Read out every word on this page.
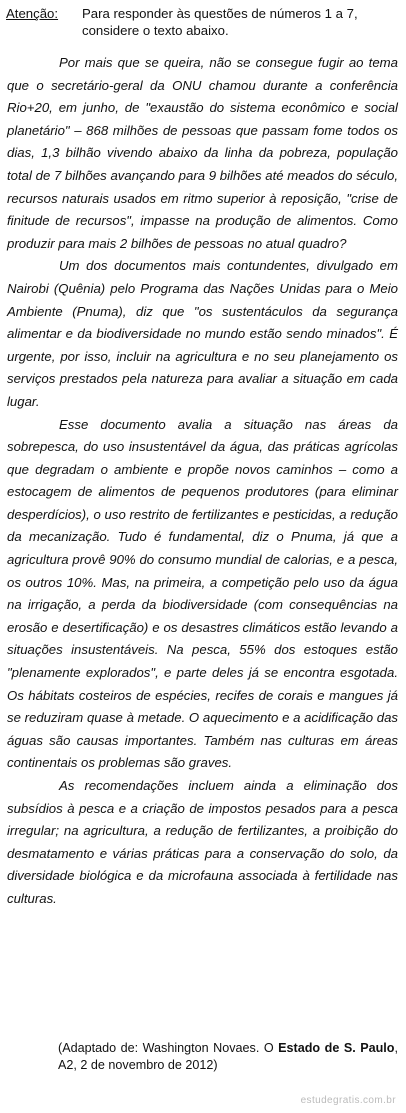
Atenção: Para responder às questões de números 1 a 7, considere o texto abaixo.

Por mais que se queira, não se consegue fugir ao tema que o secretário-geral da ONU chamou durante a conferência Rio+20, em junho, de "exaustão do sistema econômico e social planetário" – 868 milhões de pessoas que passam fome todos os dias, 1,3 bilhão vivendo abaixo da linha da pobreza, população total de 7 bilhões avançando para 9 bilhões até meados do século, recursos naturais usados em ritmo superior à reposição, "crise de finitude de recursos", impasse na produção de alimentos. Como produzir para mais 2 bilhões de pessoas no atual quadro?

Um dos documentos mais contundentes, divulgado em Nairobi (Quênia) pelo Programa das Nações Unidas para o Meio Ambiente (Pnuma), diz que "os sustentáculos da segurança alimentar e da biodiversidade no mundo estão sendo minados". É urgente, por isso, incluir na agricultura e no seu planejamento os serviços prestados pela natureza para avaliar a situação em cada lugar.

Esse documento avalia a situação nas áreas da sobrepesca, do uso insustentável da água, das práticas agrícolas que degradam o ambiente e propõe novos caminhos – como a estocagem de alimentos de pequenos produtores (para eliminar desperdícios), o uso restrito de fertilizantes e pesticidas, a redução da mecanização. Tudo é fundamental, diz o Pnuma, já que a agricultura provê 90% do consumo mundial de calorias, e a pesca, os outros 10%. Mas, na primeira, a competição pelo uso da água na irrigação, a perda da biodiversidade (com consequências na erosão e desertificação) e os desastres climáticos estão levando a situações insustentáveis. Na pesca, 55% dos estoques estão "plenamente explorados", e parte deles já se encontra esgotada. Os hábitats costeiros de espécies, recifes de corais e mangues já se reduziram quase à metade. O aquecimento e a acidificação das águas são causas importantes. Também nas culturas em áreas continentais os problemas são graves.

As recomendações incluem ainda a eliminação dos subsídios à pesca e a criação de impostos pesados para a pesca irregular; na agricultura, a redução de fertilizantes, a proibição do desmatamento e várias práticas para a conservação do solo, da diversidade biológica e da microfauna associada à fertilidade nas culturas.

(Adaptado de: Washington Novaes. O Estado de S. Paulo, A2, 2 de novembro de 2012)
estudegratis.com.br
